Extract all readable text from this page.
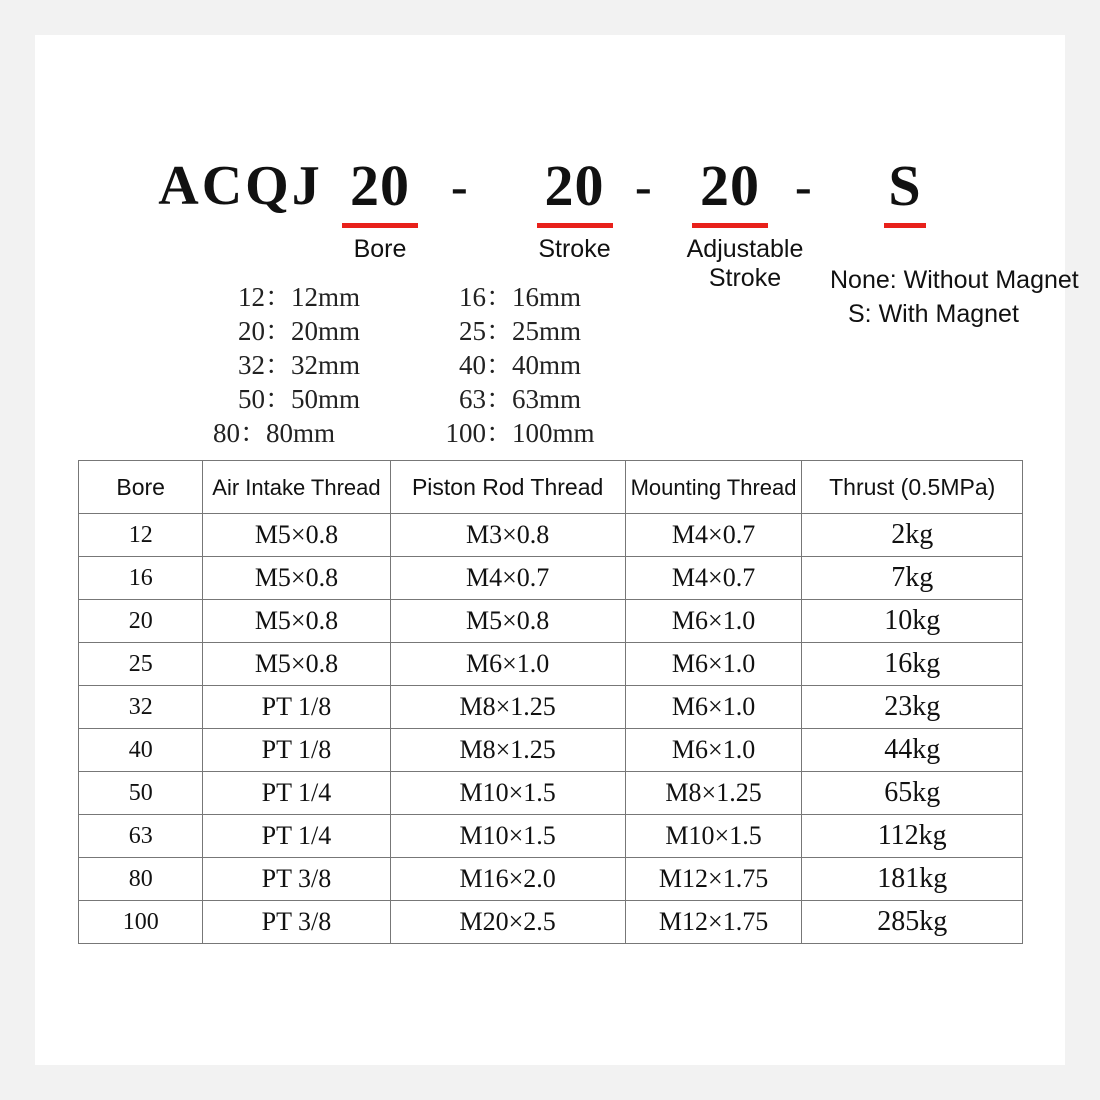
ACQJ 20
Bore
-	20
Stroke
- 20
Adjustable Stroke
-	S
None: Without Magnet
S: With Magnet
12 ： 12mm	16 ： 16mm
20 ： 20mm	25 ： 25mm
32 ： 32mm	40 ： 40mm
50 ： 50mm	63 ： 63mm
80 ： 80mm	100 ： 100mm
Bore	Air Intake Thread	Piston Rod Thread	Mounting Thread	Thrust (0.5MPa)
12	M5×0.8	M3×0.8	M4×0.7	2kg
16	M5×0.8	M4×0.7	M4×0.7	7kg
20	M5×0.8	M5×0.8	M6×1.0	10kg
25	M5×0.8	M6×1.0	M6×1.0	16kg
32	PT 1/8	M8×1.25	M6×1.0	23kg
40	PT 1/8	M8×1.25	M6×1.0	44kg
50	PT 1/4	M10×1.5	M8×1.25	65kg
63	PT 1/4	M10×1.5	M10×1.5	112kg
80	PT 3/8	M16×2.0	M12×1.75	181kg
100	PT 3/8	M20×2.5	M12×1.75	285kg
